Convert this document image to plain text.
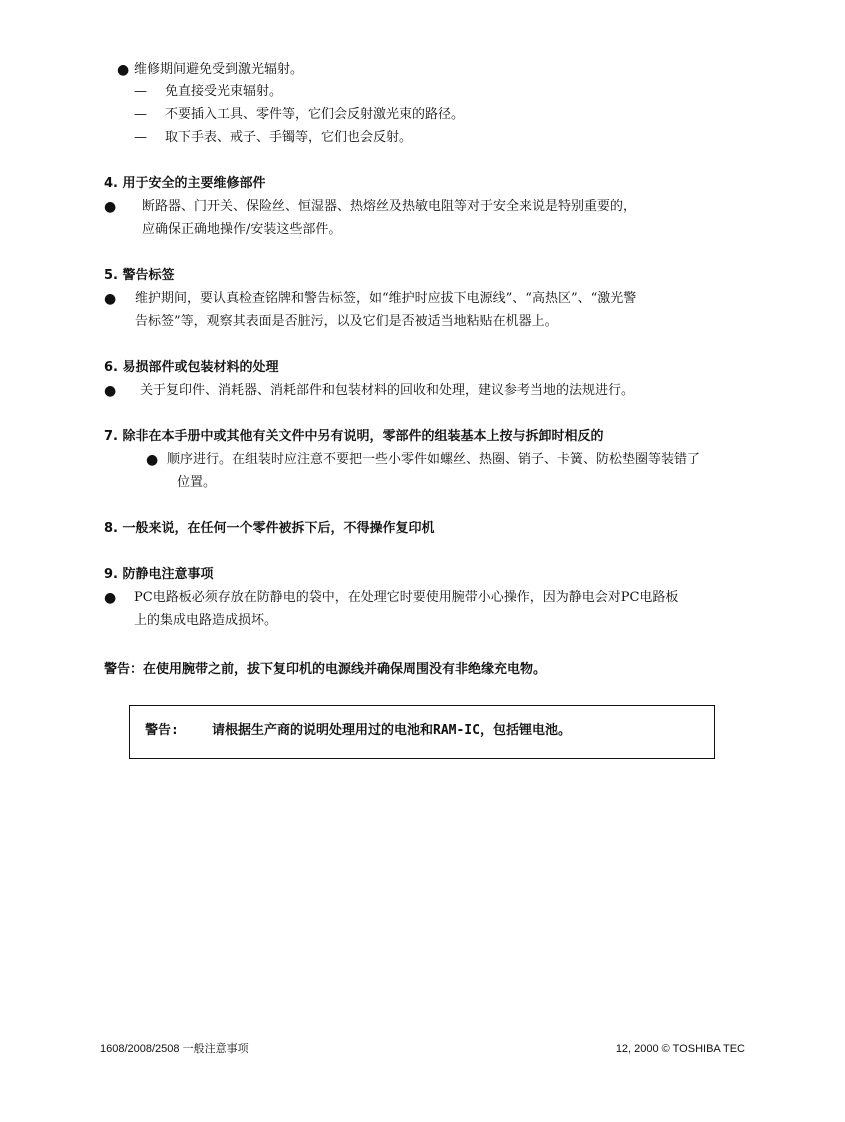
● 维修期间避免受到激光辐射。
— 免直接受光束辐射。
— 不要插入工具、零件等，它们会反射激光束的路径。
— 取下手表、戒子、手镯等，它们也会反射。
4. 用于安全的主要维修部件
● 断路器、门开关、保险丝、恒湿器、热熔丝及热敏电阻等对于安全来说是特别重要的，
应确保正确地操作/安装这些部件。
5. 警告标签
● 维护期间，要认真检查铭牌和警告标签，如“维护时应拔下电源线”、“高热区”、“激光警
告标签”等，观察其表面是否脏污，以及它们是否被适当地粘贴在机器上。
6. 易损部件或包装材料的处理
● 关于复印件、消耗器、消耗部件和包装材料的回收和处理，建议参考当地的法规进行。
7. 除非在本手册中或其他有关文件中另有说明，零部件的组装基本上按与拆卸时相反的
● 顺序进行。在组装时应注意不要把一些小零件如螺丝、热圈、销子、卡簧、防松垫圈等装错了
位置。
8. 一般来说，在任何一个零件被拆下后，不得操作复印机
9. 防静电注意事项
● PC电路板必须存放在防静电的袋中，在处理它时要使用腕带小心操作，因为静电会对PC电路板
上的集成电路造成损坏。
警告：在使用腕带之前，拔下复印机的电源线并确保周围没有非绝缘充电物。
警告:	请根据生产商的说明处理用过的电池和RAM-IC，包括锂电池。
1608/2008/2508 一般注意事项	12, 2000 © TOSHIBA TEC
